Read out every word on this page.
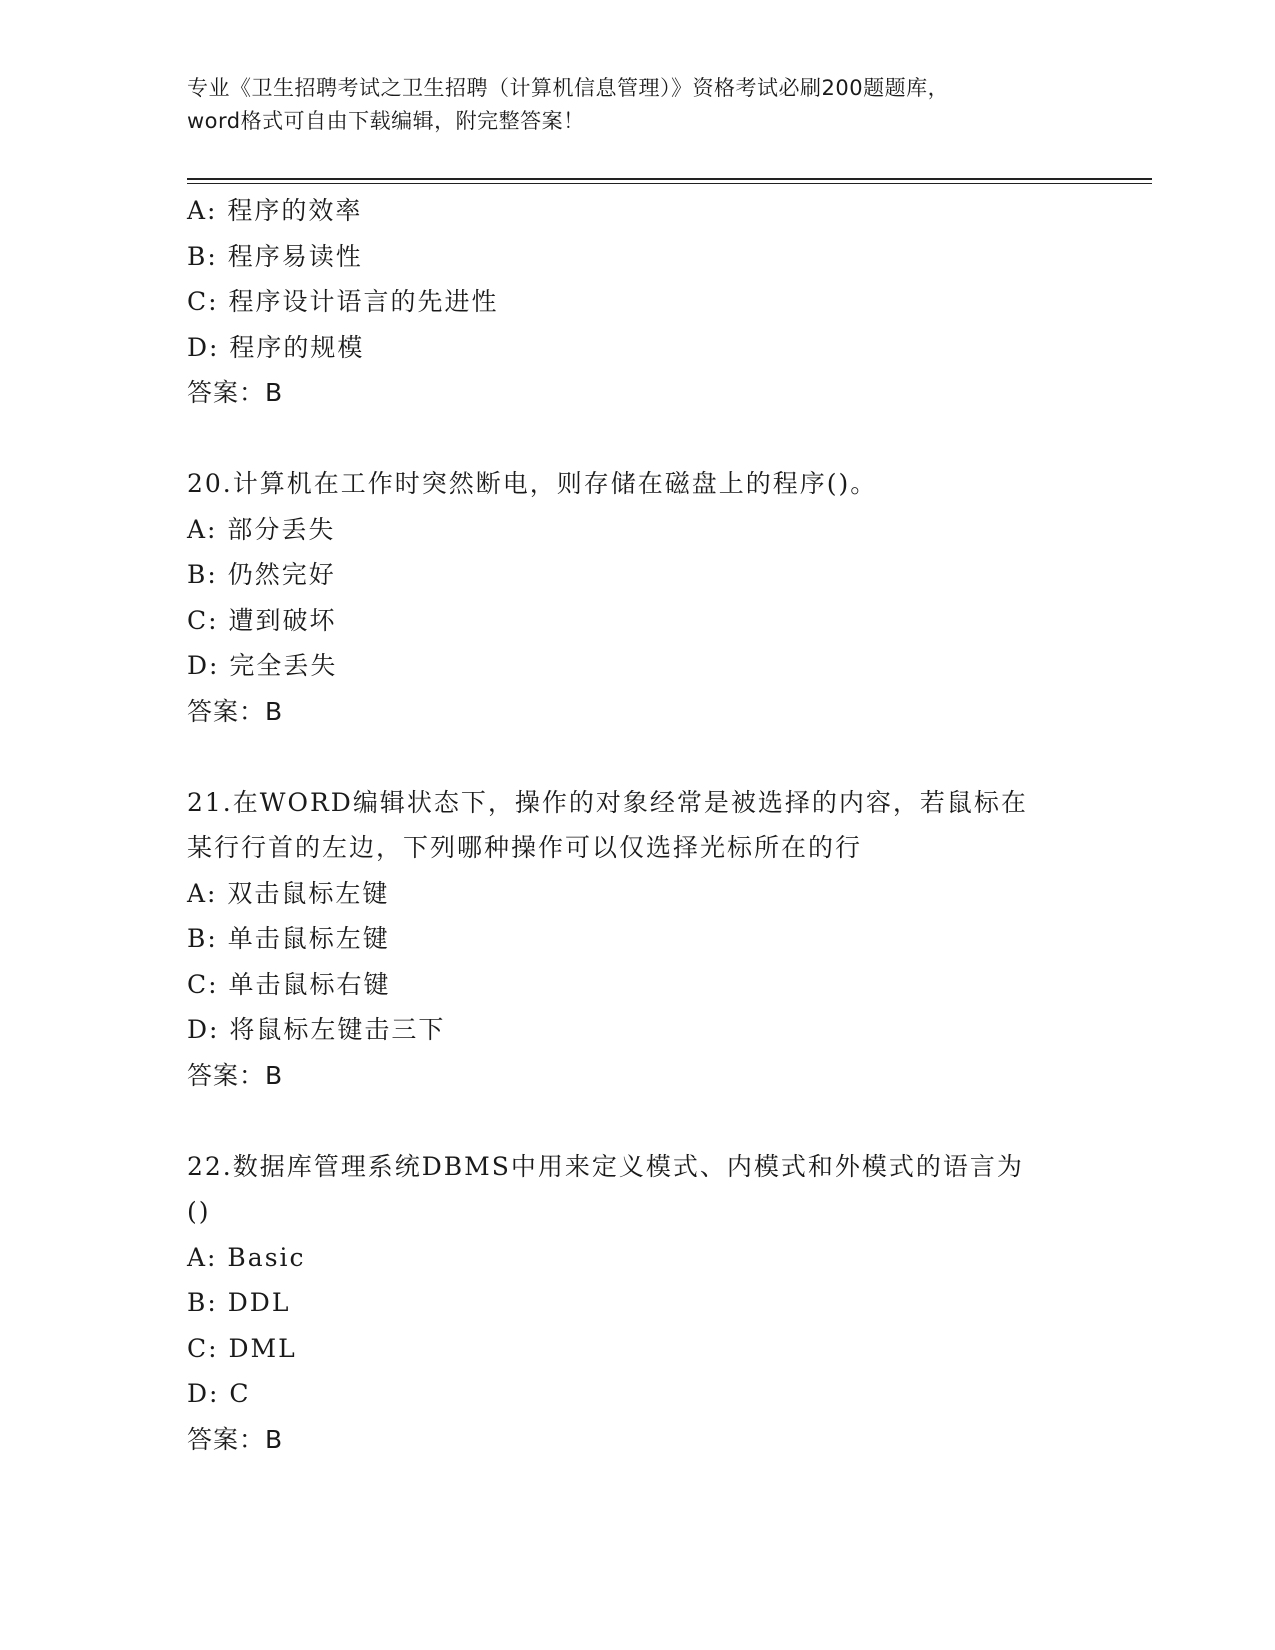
专业《卫生招聘考试之卫生招聘（计算机信息管理）》资格考试必刷200题题库，
word格式可自由下载编辑，附完整答案！
A: 程序的效率
B: 程序易读性
C: 程序设计语言的先进性
D: 程序的规模
答案：B
20.计算机在工作时突然断电，则存储在磁盘上的程序()。
A: 部分丢失
B: 仍然完好
C: 遭到破坏
D: 完全丢失
答案：B
21.在WORD编辑状态下，操作的对象经常是被选择的内容，若鼠标在
某行行首的左边，下列哪种操作可以仅选择光标所在的行
A: 双击鼠标左键
B: 单击鼠标左键
C: 单击鼠标右键
D: 将鼠标左键击三下
答案：B
22.数据库管理系统DBMS中用来定义模式、内模式和外模式的语言为
()
A: Basic
B: DDL
C: DML
D: C
答案：B
